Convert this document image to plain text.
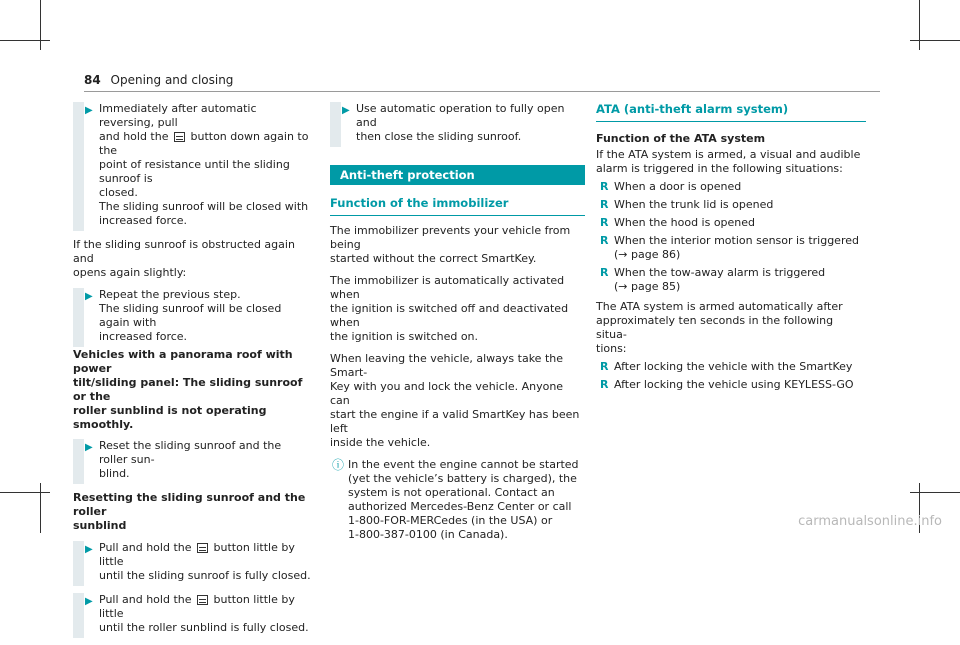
84 Opening and closing
▶ Immediately after automatic reversing, pull
and hold the button down again to the
point of resistance until the sliding sunroof is
closed.
The sliding sunroof will be closed with
increased force.
If the sliding sunroof is obstructed again and
opens again slightly:
▶ Repeat the previous step.
The sliding sunroof will be closed again with
increased force.
Vehicles with a panorama roof with power
tilt/sliding panel: The sliding sunroof or the
roller sunblind is not operating smoothly.
▶ Reset the sliding sunroof and the roller sun-
blind.
Resetting the sliding sunroof and the roller
sunblind
▶ Pull and hold the button little by little
until the sliding sunroof is fully closed.
▶ Pull and hold the button little by little
until the roller sunblind is fully closed.
▶ Use automatic operation to fully open and
then close the sliding sunroof.
Anti-theft protection
Function of the immobilizer
The immobilizer prevents your vehicle from being
started without the correct SmartKey.
The immobilizer is automatically activated when
the ignition is switched off and deactivated when
the ignition is switched on.
When leaving the vehicle, always take the Smart-
Key with you and lock the vehicle. Anyone can
start the engine if a valid SmartKey has been left
inside the vehicle.
ⓘ In the event the engine cannot be started
(yet the vehicle’s battery is charged), the
system is not operational. Contact an
authorized Mercedes-Benz Center or call
1-800-FOR-MERCedes (in the USA) or
1-800-387-0100 (in Canada).
ATA (anti-theft alarm system)
Function of the ATA system
If the ATA system is armed, a visual and audible
alarm is triggered in the following situations:
R When a door is opened
R When the trunk lid is opened
R When the hood is opened
R When the interior motion sensor is triggered
(→ page 86)
R When the tow-away alarm is triggered
(→ page 85)
The ATA system is armed automatically after
approximately ten seconds in the following situa-
tions:
R After locking the vehicle with the SmartKey
R After locking the vehicle using KEYLESS-GO
carmanualsonline.info
